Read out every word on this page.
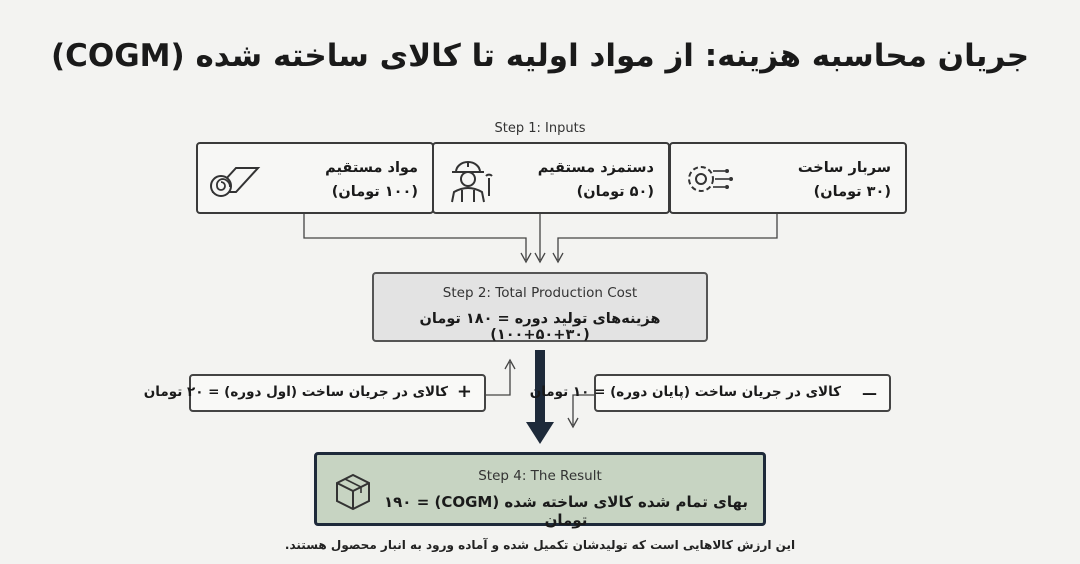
جریان محاسبه هزینه: از مواد اولیه تا کالای ساخته شده (COGM)
Step 1: Inputs
مواد مستقیم
(۱۰۰ تومان)
دستمزد مستقیم
(۵۰ تومان)
سربار ساخت
(۳۰ تومان)
Step 2: Total Production Cost
هزینه‌های تولید دوره = ۱۸۰ تومان (۳۰+۵۰+۱۰۰)
کالای در جریان ساخت (اول دوره) = ۲۰ تومان +	کالای در جریان ساخت (پایان دوره) = ۱۰ تومان —
Step 4: The Result
بهای تمام شده کالای ساخته شده (COGM) = ۱۹۰ تومان
این ارزش کالاهایی است که تولیدشان تکمیل شده و آماده ورود به انبار محصول هستند.
